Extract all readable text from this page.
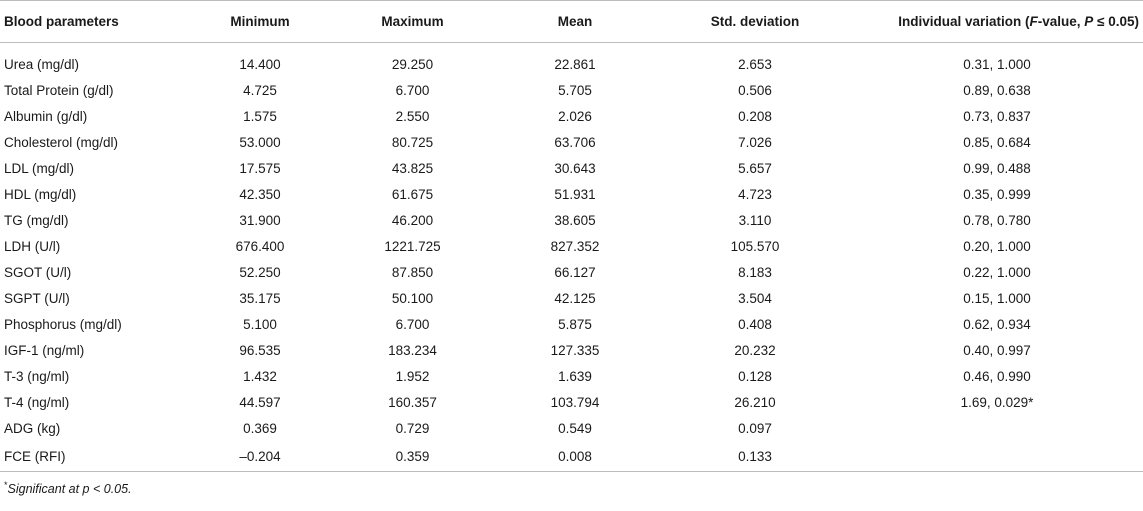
Blood parameters	Minimum	Maximum	Mean	Std. deviation	Individual variation (F-value, P ≤ 0.05)
Urea (mg/dl)	14.400	29.250	22.861	2.653	0.31, 1.000
Total Protein (g/dl)	4.725	6.700	5.705	0.506	0.89, 0.638
Albumin (g/dl)	1.575	2.550	2.026	0.208	0.73, 0.837
Cholesterol (mg/dl)	53.000	80.725	63.706	7.026	0.85, 0.684
LDL (mg/dl)	17.575	43.825	30.643	5.657	0.99, 0.488
HDL (mg/dl)	42.350	61.675	51.931	4.723	0.35, 0.999
TG (mg/dl)	31.900	46.200	38.605	3.110	0.78, 0.780
LDH (U/l)	676.400	1221.725	827.352	105.570	0.20, 1.000
SGOT (U/l)	52.250	87.850	66.127	8.183	0.22, 1.000
SGPT (U/l)	35.175	50.100	42.125	3.504	0.15, 1.000
Phosphorus (mg/dl)	5.100	6.700	5.875	0.408	0.62, 0.934
IGF-1 (ng/ml)	96.535	183.234	127.335	20.232	0.40, 0.997
T-3 (ng/ml)	1.432	1.952	1.639	0.128	0.46, 0.990
T-4 (ng/ml)	44.597	160.357	103.794	26.210	1.69, 0.029*
ADG (kg)	0.369	0.729	0.549	0.097	
FCE (RFI)	–0.204	0.359	0.008	0.133	
*Significant at p < 0.05.
